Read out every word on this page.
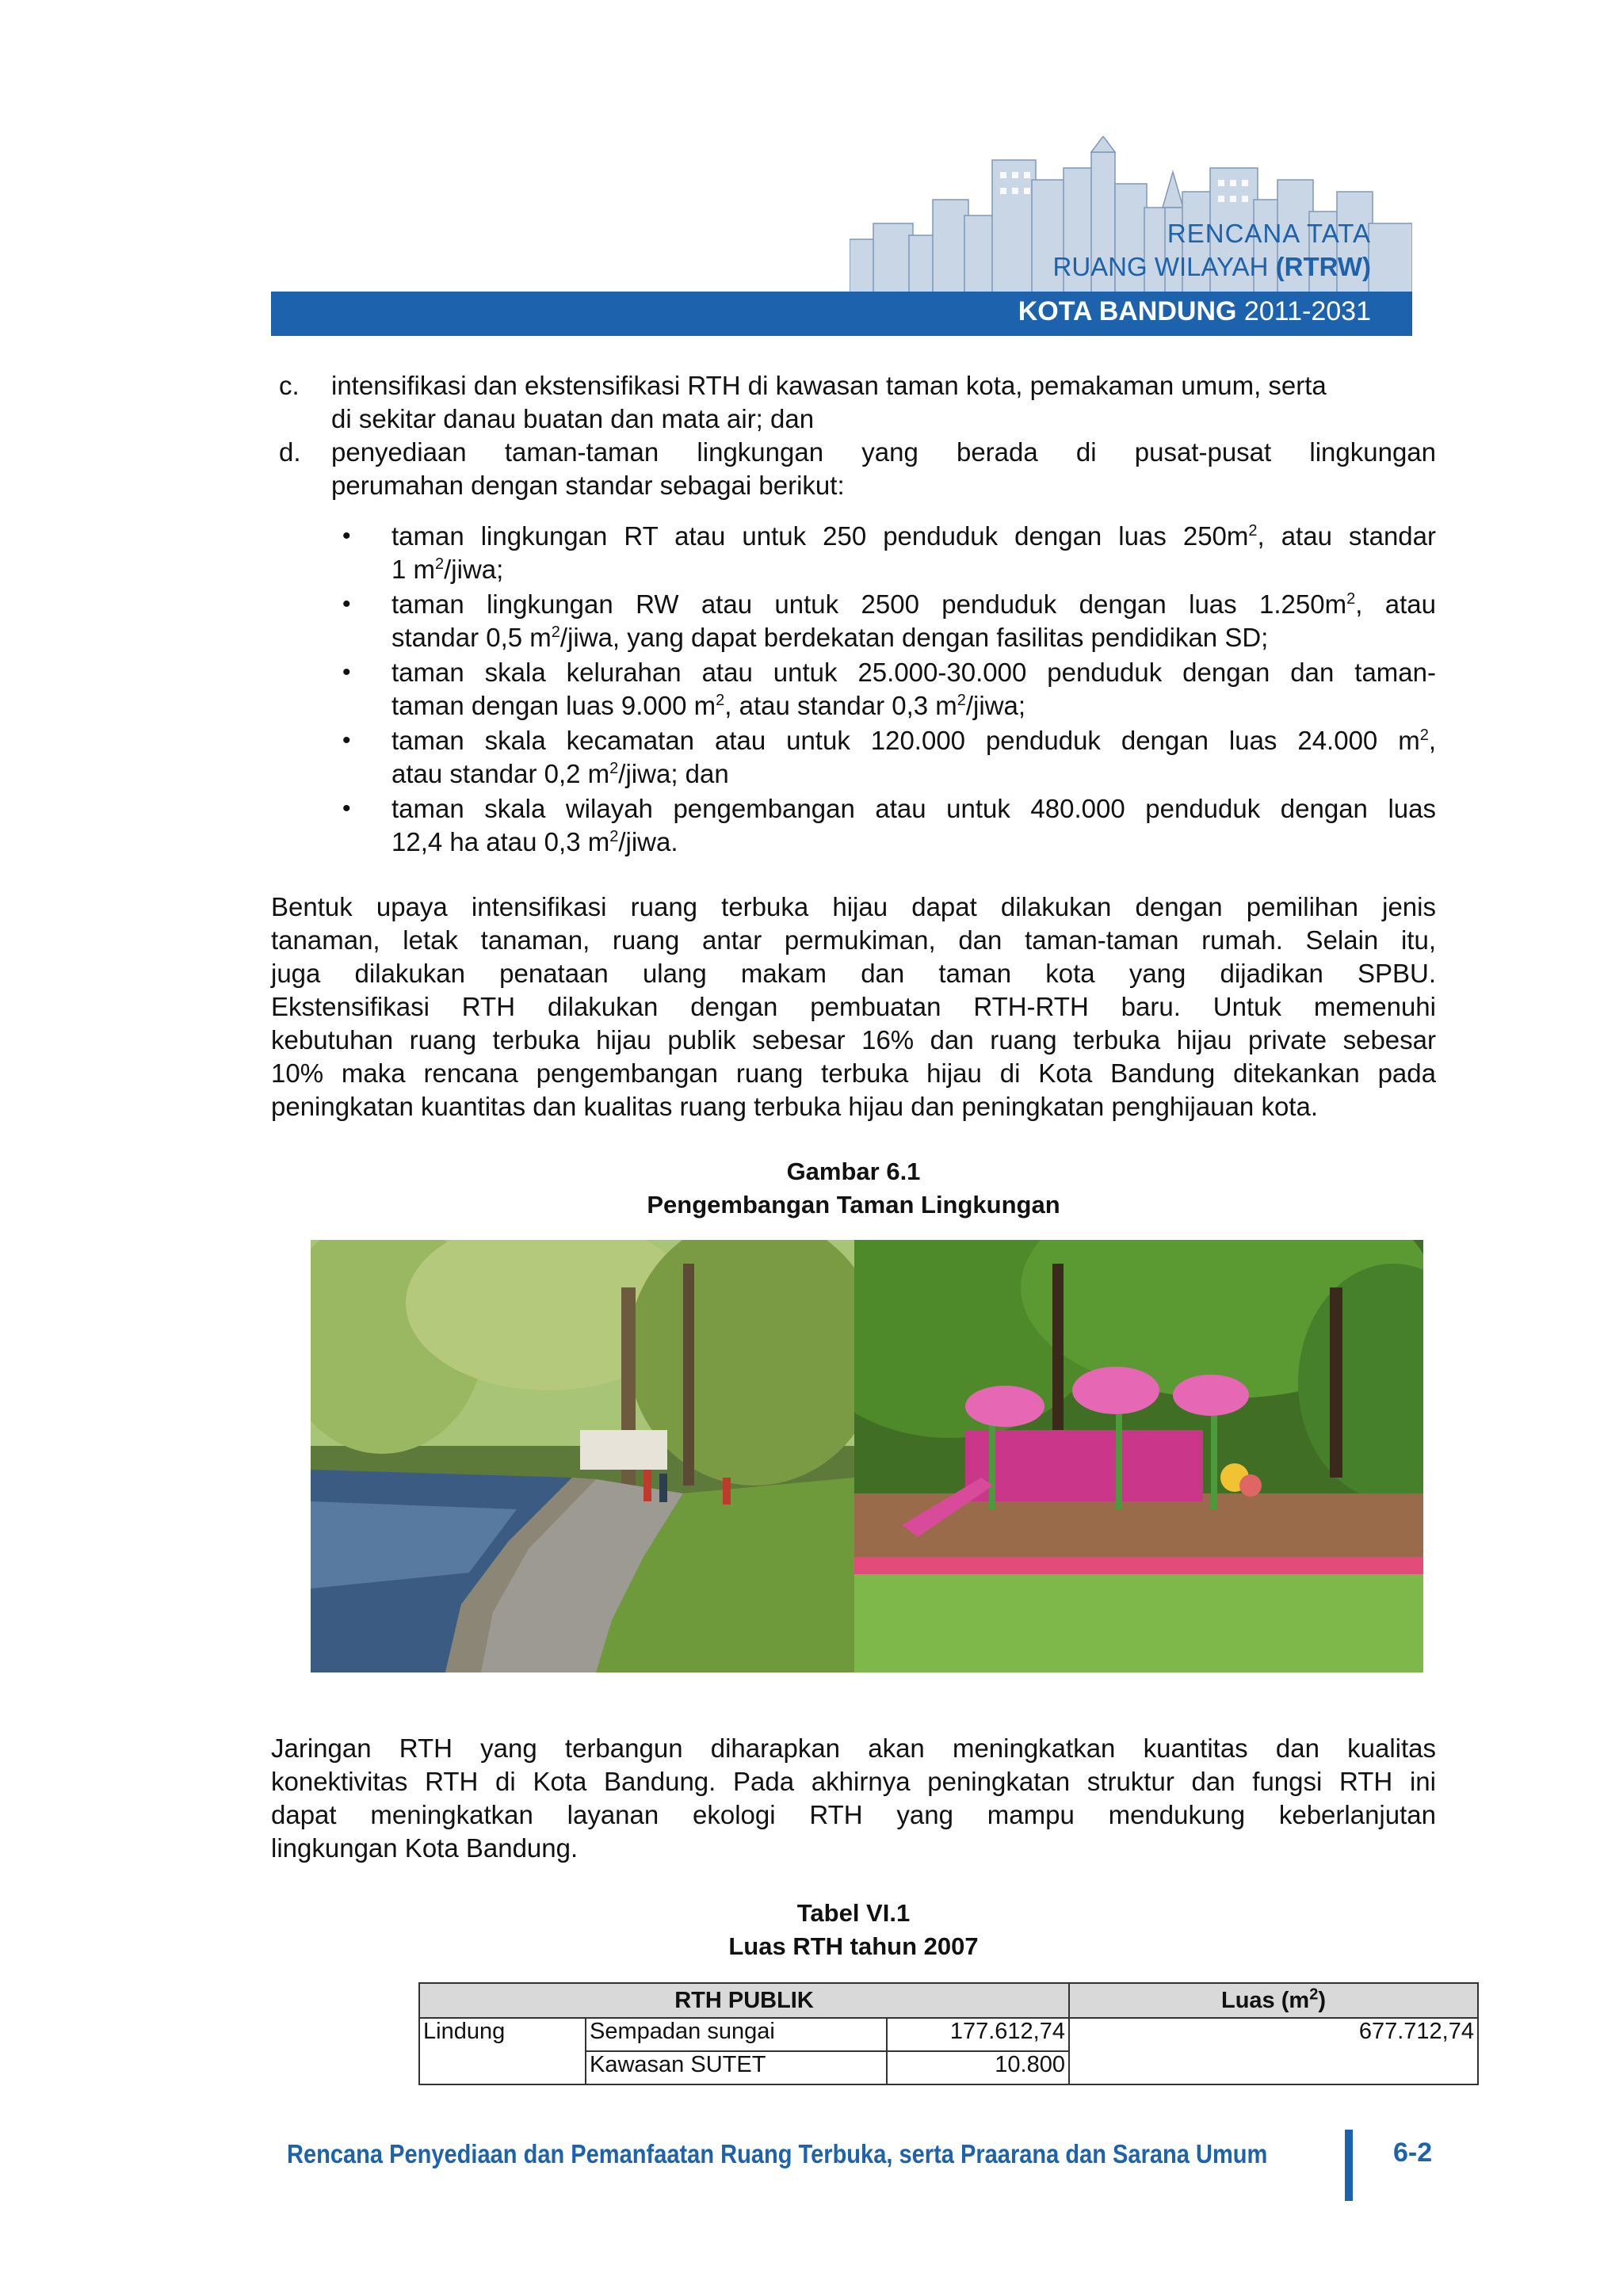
RENCANA TATA
RUANG WILAYAH (RTRW)
KOTA BANDUNG 2011-2031
c. intensifikasi dan ekstensifikasi RTH di kawasan taman kota, pemakaman umum, serta
di sekitar danau buatan dan mata air; dan
d. penyediaan taman-taman lingkungan yang berada di pusat-pusat lingkungan
perumahan dengan standar sebagai berikut:
• taman lingkungan RT atau untuk 250 penduduk dengan luas $250m^2$, atau standar
1 $m^2$/jiwa;
• taman lingkungan RW atau untuk 2500 penduduk dengan luas $1.250m^2$, atau
standar 0,5 $m^2$/jiwa, yang dapat berdekatan dengan fasilitas pendidikan SD;
• taman skala kelurahan atau untuk 25.000-30.000 penduduk dengan dan taman-
taman dengan luas 9.000 $m^2$, atau standar 0,3 $m^2$/jiwa;
• taman skala kecamatan atau untuk 120.000 penduduk dengan luas 24.000 $m^2$,
atau standar 0,2 $m^2$/jiwa; dan
• taman skala wilayah pengembangan atau untuk 480.000 penduduk dengan luas
12,4 ha atau 0,3 $m^2$/jiwa.
Bentuk upaya intensifikasi ruang terbuka hijau dapat dilakukan dengan pemilihan jenis
tanaman, letak tanaman, ruang antar permukiman, dan taman-taman rumah. Selain itu,
juga dilakukan penataan ulang makam dan taman kota yang dijadikan SPBU.
Ekstensifikasi RTH dilakukan dengan pembuatan RTH-RTH baru. Untuk memenuhi
kebutuhan ruang terbuka hijau publik sebesar 16% dan ruang terbuka hijau private sebesar
10% maka rencana pengembangan ruang terbuka hijau di Kota Bandung ditekankan pada
peningkatan kuantitas dan kualitas ruang terbuka hijau dan peningkatan penghijauan kota.
Gambar 6.1
Pengembangan Taman Lingkungan
Jaringan RTH yang terbangun diharapkan akan meningkatkan kuantitas dan kualitas
konektivitas RTH di Kota Bandung. Pada akhirnya peningkatan struktur dan fungsi RTH ini
dapat meningkatkan layanan ekologi RTH yang mampu mendukung keberlanjutan
lingkungan Kota Bandung.
Tabel VI.1
Luas RTH tahun 2007
RTH PUBLIK			Luas $(m^2)$
Lindung	Sempadan sungai	177.612,74	677.712,74
	Kawasan SUTET	10.800	
Rencana Penyediaan dan Pemanfaatan Ruang Terbuka, serta Praarana dan Sarana Umum	6-2
